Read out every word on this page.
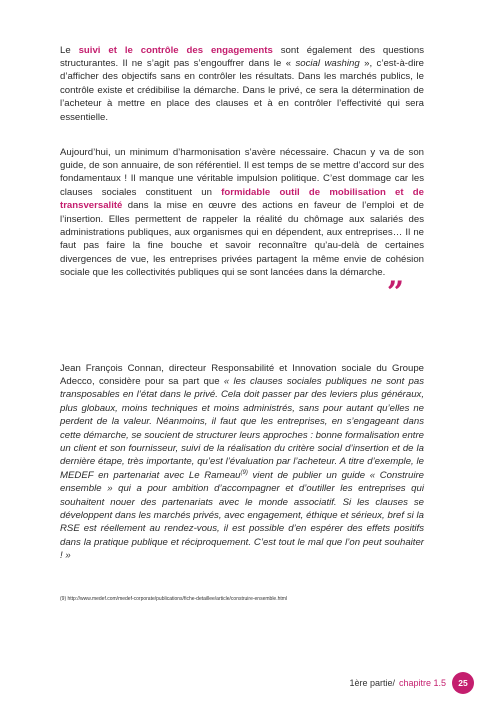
Le suivi et le contrôle des engagements sont également des questions structurantes. Il ne s’agit pas s’engouffrer dans le « social washing », c’est-à-dire d’afficher des objectifs sans en contrôler les résultats. Dans les marchés publics, le contrôle existe et crédibilise la démarche. Dans le privé, ce sera la détermination de l’acheteur à mettre en place des clauses et à en contrôler l’effectivité qui sera essentielle.

Aujourd’hui, un minimum d’harmonisation s’avère nécessaire. Chacun y va de son guide, de son annuaire, de son référentiel. Il est temps de se mettre d’accord sur des fondamentaux ! Il manque une véritable impulsion politique. C’est dommage car les clauses sociales constituent un formidable outil de mobilisation et de transversalité dans la mise en œuvre des actions en faveur de l’emploi et de l’insertion. Elles permettent de rappeler la réalité du chômage aux salariés des administrations publiques, aux organismes qui en dépendent, aux entreprises… Il ne faut pas faire la fine bouche et savoir reconnaître qu’au-delà de certaines divergences de vue, les entreprises privées partagent la même envie de cohésion sociale que les collectivités publiques qui se sont lancées dans la démarche.„

Jean François Connan, directeur Responsabilité et Innovation sociale du Groupe Adecco, considère pour sa part que « les clauses sociales publiques ne sont pas transposables en l’état dans le privé. Cela doit passer par des leviers plus généraux, plus globaux, moins techniques et moins administrés, sans pour autant qu’elles ne perdent de la valeur. Néanmoins, il faut que les entreprises, en s’engageant dans cette démarche, se soucient de structurer leurs approches : bonne formalisation entre un client et son fournisseur, suivi de la réalisation du critère social d’insertion et de la dernière étape, très importante, qu’est l’évaluation par l’acheteur. A titre d’exemple, le MEDEF en partenariat avec Le Rameau$^{(9)}$ vient de publier un guide « Construire ensemble » qui a pour ambition d’accompagner et d’outiller les entreprises qui souhaitent nouer des partenariats avec le monde associatif. Si les clauses se développent dans les marchés privés, avec engagement, éthique et sérieux, bref si la RSE est réellement au rendez-vous, il est possible d’en espérer des effets positifs dans la pratique publique et réciproquement. C’est tout le mal que l’on peut souhaiter ! »

(9) http://www.medef.com/medef-corporate/publications/fiche-detaillee/article/construire-ensemble.html
1ère partie/ chapitre 1.5	25
